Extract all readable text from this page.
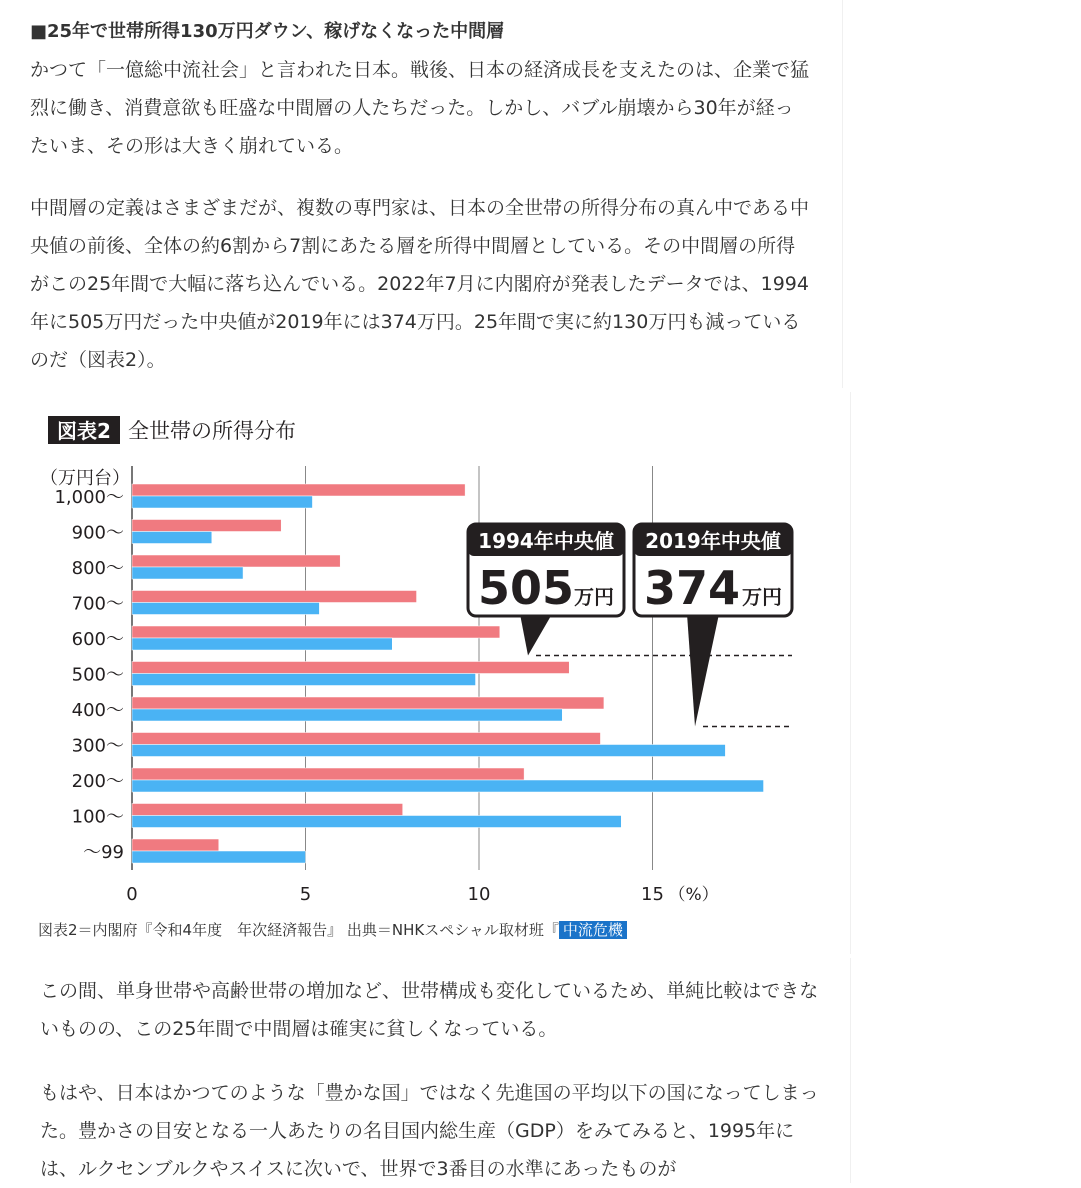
■25年で世帯所得130万円ダウン、稼げなくなった中間層

かつて「一億総中流社会」と言われた日本。戦後、日本の経済成長を支えたのは、企業で猛烈に働き、消費意欲も旺盛な中間層の人たちだった。しかし、バブル崩壊から30年が経ったいま、その形は大きく崩れている。

中間層の定義はさまざまだが、複数の専門家は、日本の全世帯の所得分布の真ん中である中央値の前後、全体の約6割から7割にあたる層を所得中間層としている。その中間層の所得がこの25年間で大幅に落ち込んでいる。2022年7月に内閣府が発表したデータでは、1994年に505万円だった中央値が2019年には374万円。25年間で実に約130万円も減っているのだ（図表2）。

図表2 全世帯の所得分布
（万円台）
1,000〜
900〜
800〜
700〜
600〜
500〜
400〜
300〜
200〜
100〜
〜99
0	5	10	15 （%）
1994年中央値
505 万円
2019年中央値
374 万円
図表2＝内閣府『令和4年度　年次経済報告』 出典＝NHKスペシャル取材班『 中流危機

この間、単身世帯や高齢世帯の増加など、世帯構成も変化しているため、単純比較はできないものの、この25年間で中間層は確実に貧しくなっている。

もはや、日本はかつてのような「豊かな国」ではなく先進国の平均以下の国になってしまった。豊かさの目安となる一人あたりの名目国内総生産（GDP）をみてみると、1995年には、ルクセンブルクやスイスに次いで、世界で3番目の水準にあったものが
